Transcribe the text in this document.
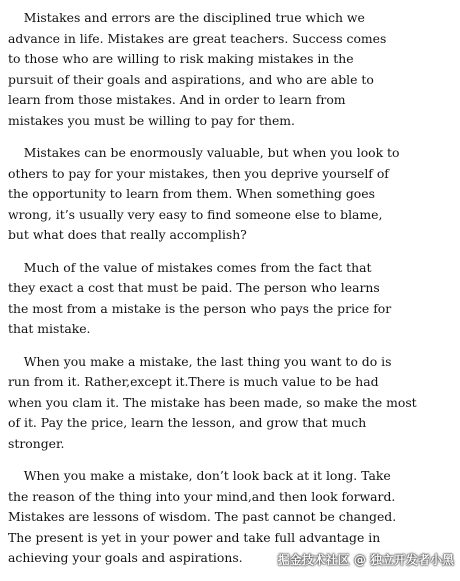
Mistakes and errors are the disciplined true which we
advance in life. Mistakes are great teachers. Success comes
to those who are willing to risk making mistakes in the
pursuit of their goals and aspirations, and who are able to
learn from those mistakes. And in order to learn from
mistakes you must be willing to pay for them.
Mistakes can be enormously valuable, but when you look to
others to pay for your mistakes, then you deprive yourself of
the opportunity to learn from them. When something goes
wrong, it’s usually very easy to find someone else to blame,
but what does that really accomplish?
Much of the value of mistakes comes from the fact that
they exact a cost that must be paid. The person who learns
the most from a mistake is the person who pays the price for
that mistake.
When you make a mistake, the last thing you want to do is
run from it. Rather,except it.There is much value to be had
when you clam it. The mistake has been made, so make the most
of it. Pay the price, learn the lesson, and grow that much
stronger.
When you make a mistake, don’t look back at it long. Take
the reason of the thing into your mind,and then look forward.
Mistakes are lessons of wisdom. The past cannot be changed.
The present is yet in your power and take full advantage in
achieving your goals and aspirations.	掘金技术社区 @ 独立开发者小黑
